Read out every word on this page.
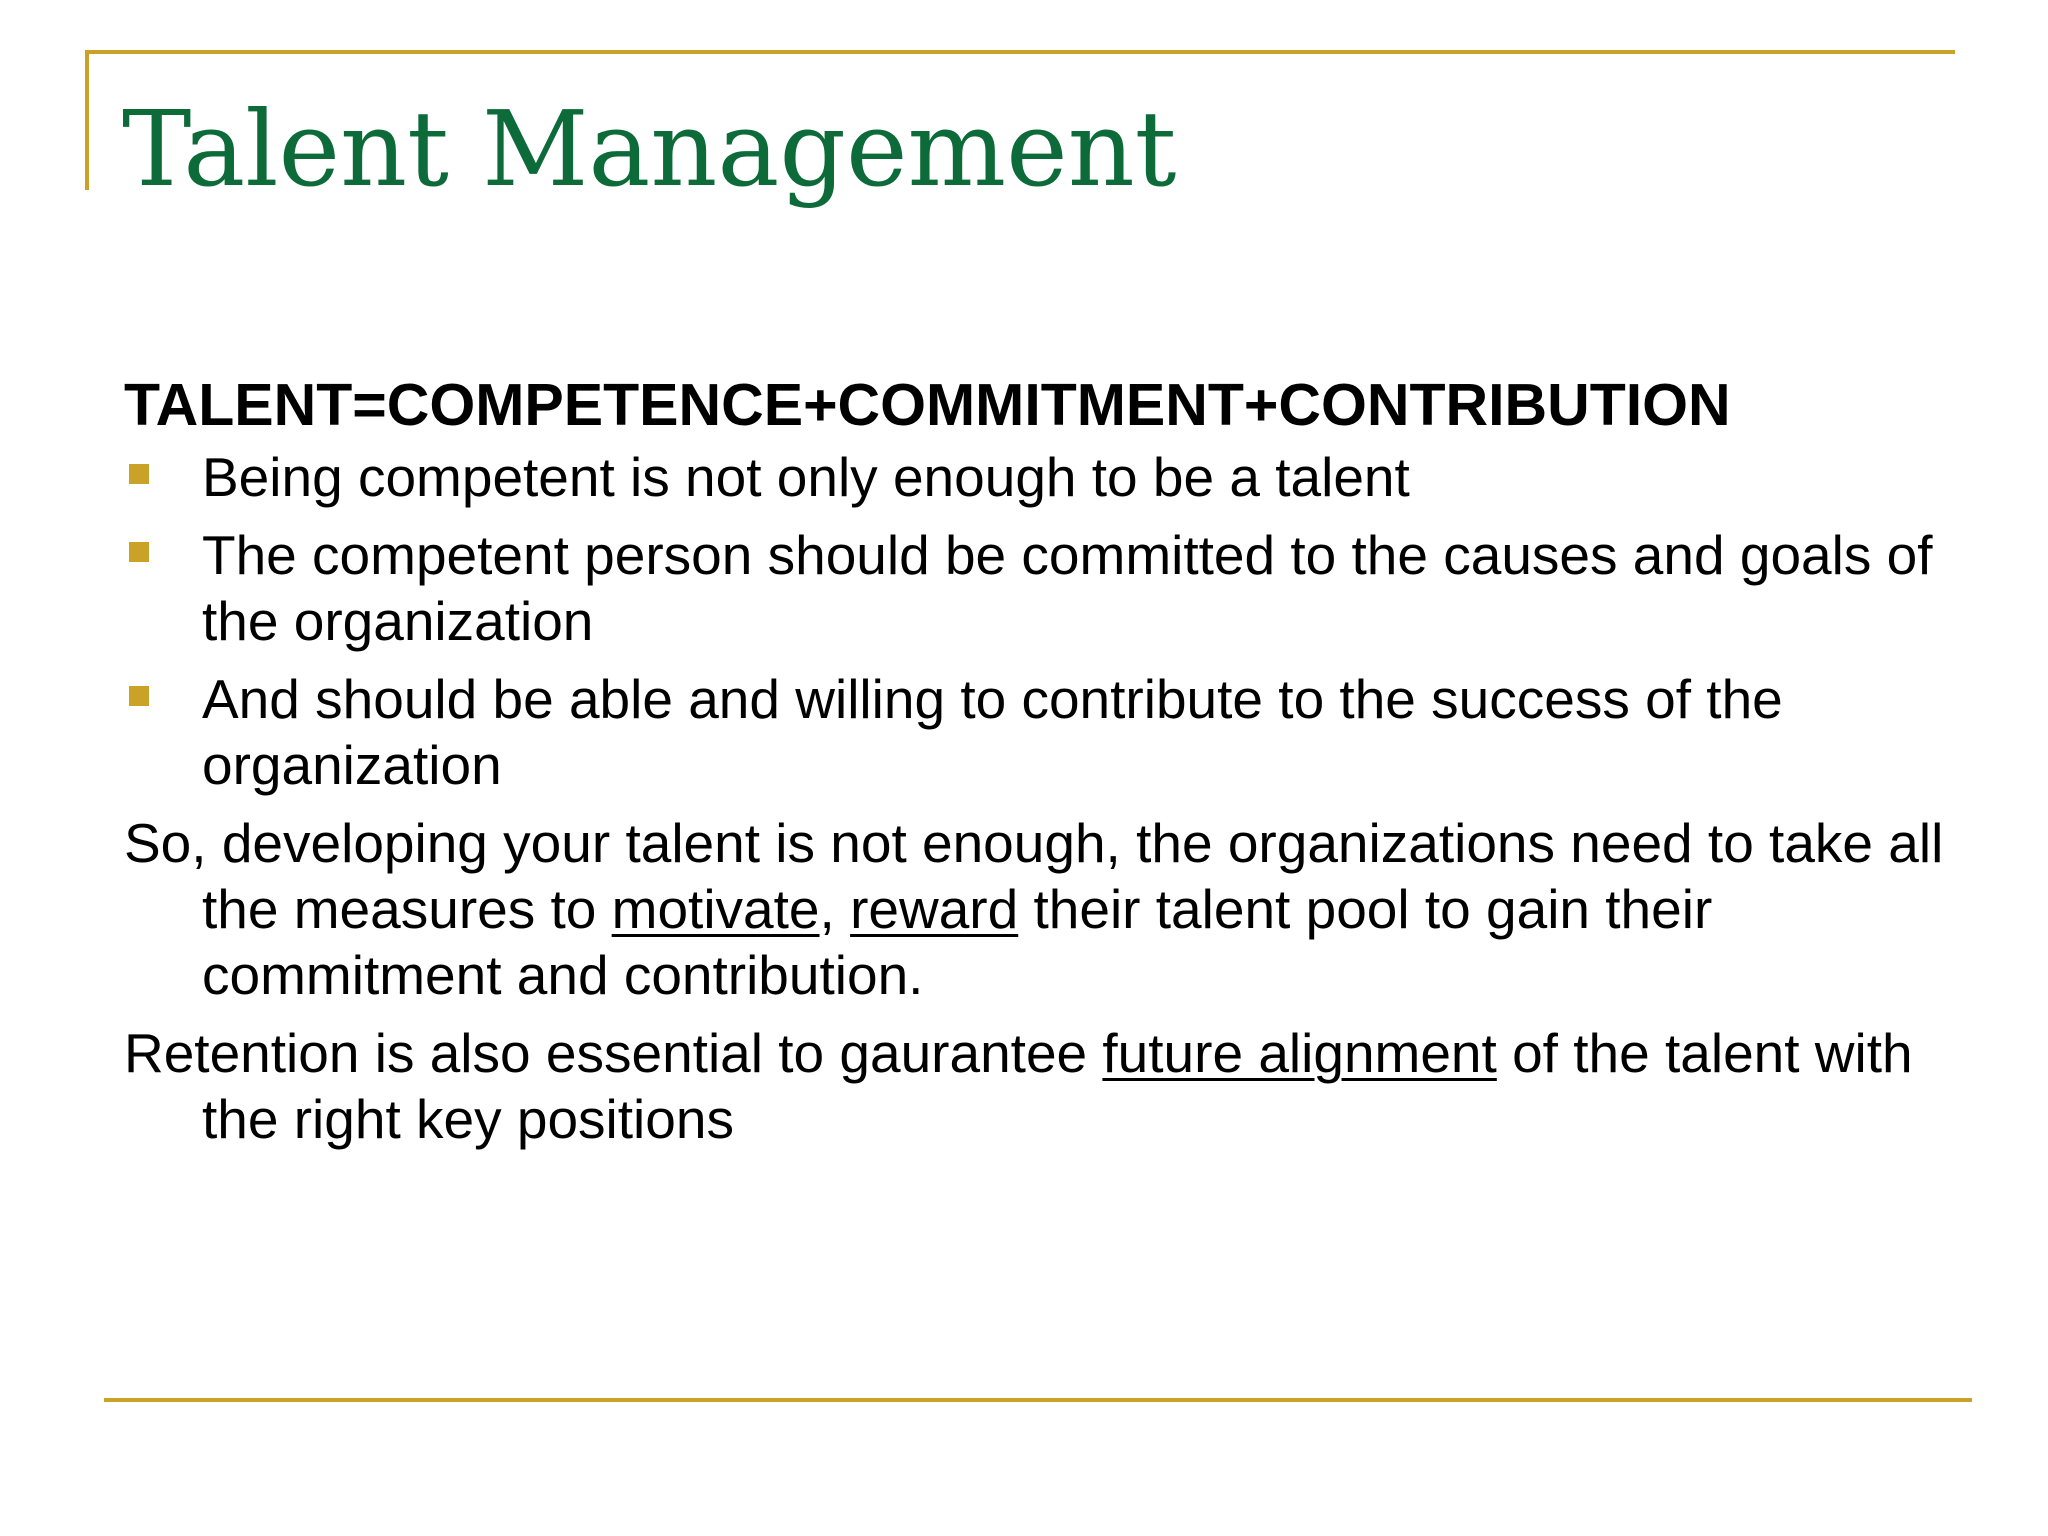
Talent Management
TALENT=COMPETENCE+COMMITMENT+CONTRIBUTION
Being competent is not only enough to be a talent
The competent person should be committed to the causes and goals of the organization
And should be able and willing to contribute to the success of the organization

So, developing your talent is not enough, the organizations need to take all the measures to motivate, reward their talent pool to gain their commitment and contribution.

Retention is also essential to gaurantee future alignment of the talent with the right key positions
